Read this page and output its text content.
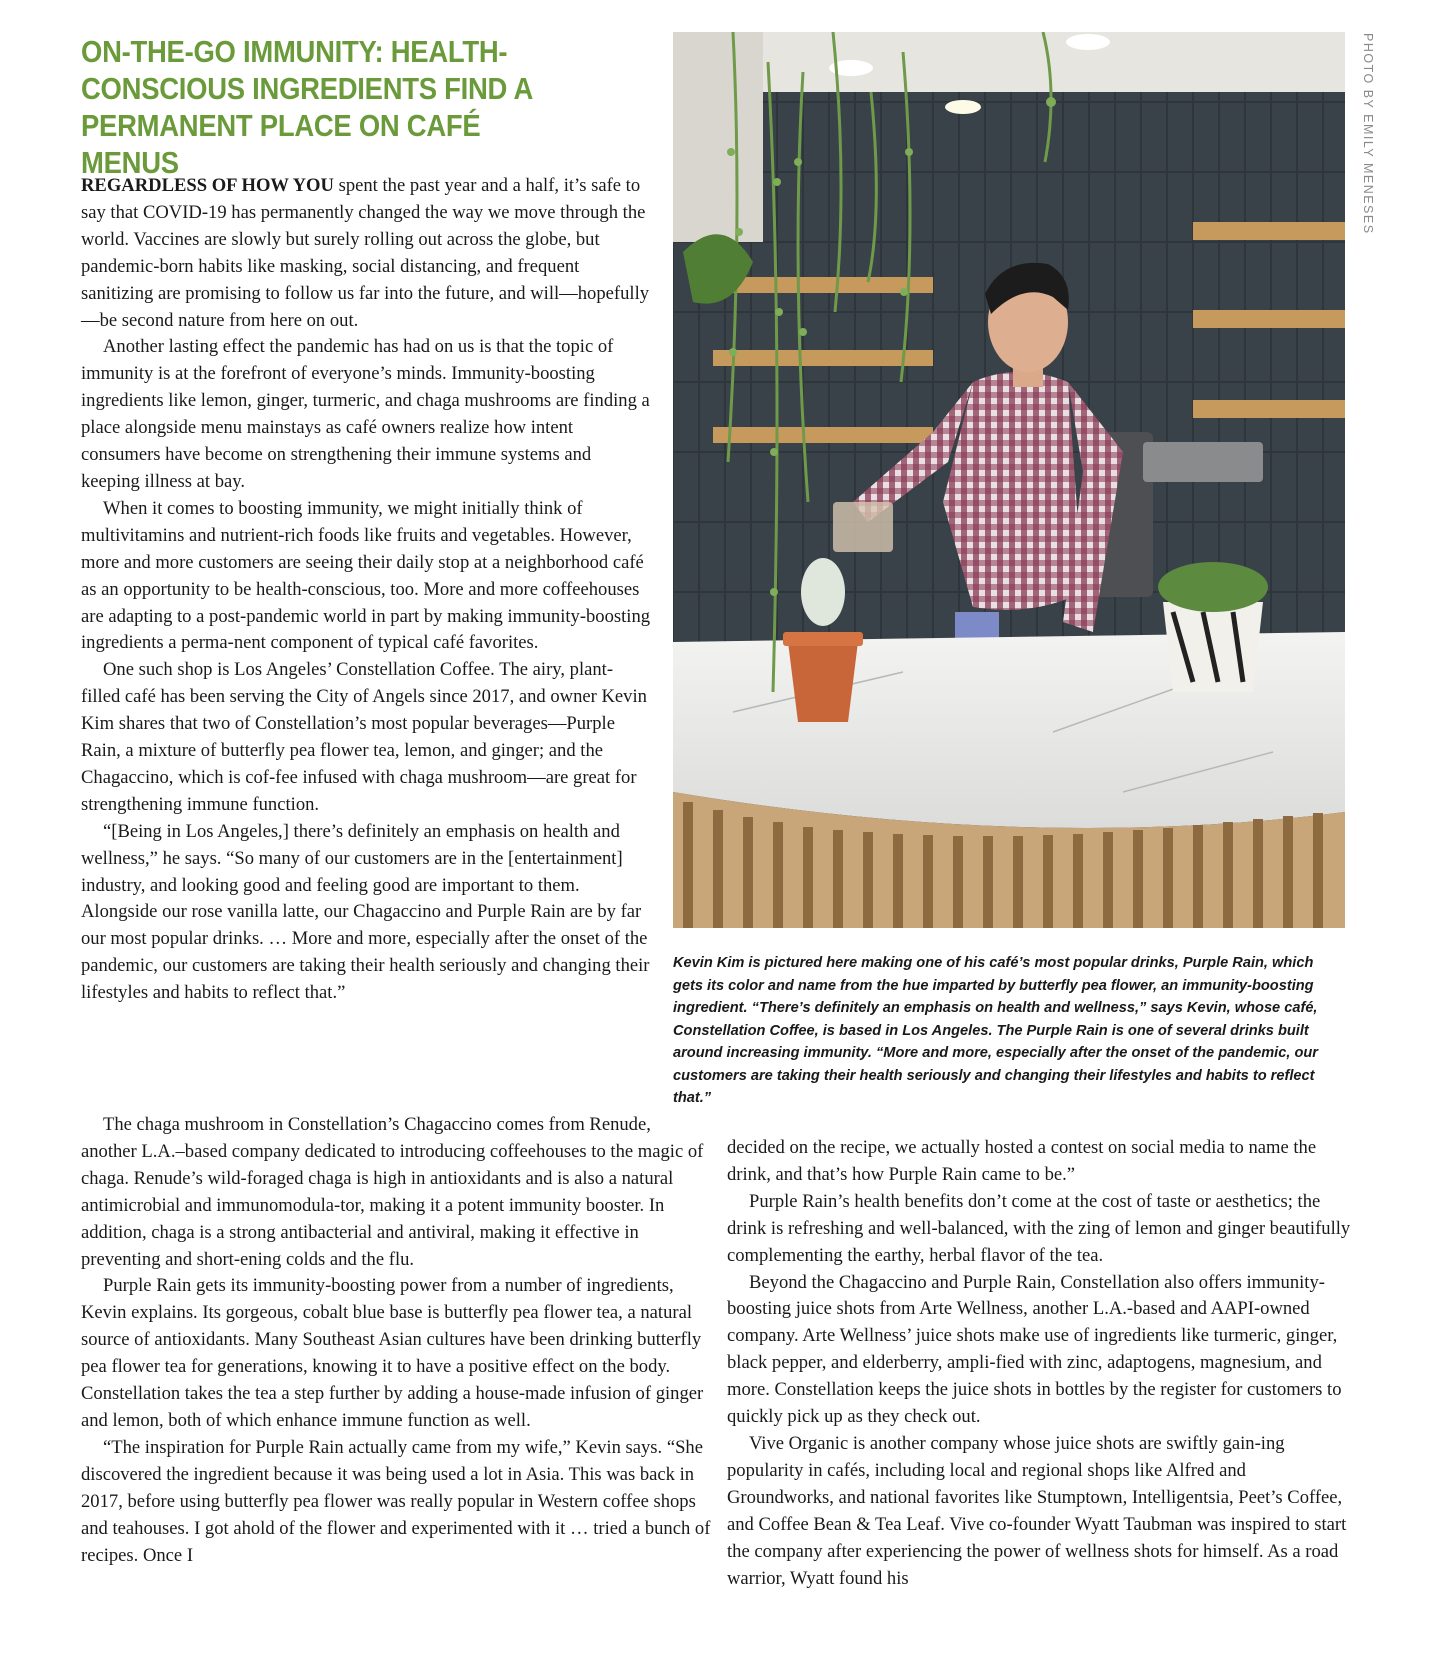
ON-THE-GO IMMUNITY: HEALTH-CONSCIOUS INGREDIENTS FIND A PERMANENT PLACE ON CAFÉ MENUS

REGARDLESS OF HOW YOU spent the past year and a half, it’s safe to say that COVID-19 has permanently changed the way we move through the world. Vaccines are slowly but surely rolling out across the globe, but pandemic-born habits like masking, social distancing, and frequent sanitizing are promising to follow us far into the future, and will—hopefully—be second nature from here on out.

Another lasting effect the pandemic has had on us is that the topic of immunity is at the forefront of everyone’s minds. Immunity-boosting ingredients like lemon, ginger, turmeric, and chaga mushrooms are finding a place alongside menu mainstays as café owners realize how intent consumers have become on strengthening their immune systems and keeping illness at bay.

When it comes to boosting immunity, we might initially think of multivitamins and nutrient-rich foods like fruits and vegetables. However, more and more customers are seeing their daily stop at a neighborhood café as an opportunity to be health-conscious, too. More and more coffeehouses are adapting to a post-pandemic world in part by making immunity-boosting ingredients a perma-nent component of typical café favorites.

One such shop is Los Angeles’ Constellation Coffee. The airy, plant-filled café has been serving the City of Angels since 2017, and owner Kevin Kim shares that two of Constellation’s most popular beverages—Purple Rain, a mixture of butterfly pea flower tea, lemon, and ginger; and the Chagaccino, which is cof-fee infused with chaga mushroom—are great for strengthening immune function.

“[Being in Los Angeles,] there’s definitely an emphasis on health and wellness,” he says. “So many of our customers are in the [entertainment] industry, and looking good and feeling good are important to them. Alongside our rose vanilla latte, our Chagaccino and Purple Rain are by far our most popular drinks. … More and more, especially after the onset of the pandemic, our customers are taking their health seriously and changing their lifestyles and habits to reflect that.”

The chaga mushroom in Constellation’s Chagaccino comes from Renude, another L.A.–based company dedicated to introducing coffeehouses to the magic of chaga. Renude’s wild-foraged chaga is high in antioxidants and is also a natural antimicrobial and immunomodula-tor, making it a potent immunity booster. In addition, chaga is a strong antibacterial and antiviral, making it effective in preventing and short-ening colds and the flu.

Purple Rain gets its immunity-boosting power from a number of ingredients, Kevin explains. Its gorgeous, cobalt blue base is butterfly pea flower tea, a natural source of antioxidants. Many Southeast Asian cultures have been drinking butterfly pea flower tea for generations, knowing it to have a positive effect on the body. Constellation takes the tea a step further by adding a house-made infusion of ginger and lemon, both of which enhance immune function as well.

“The inspiration for Purple Rain actually came from my wife,” Kevin says. “She discovered the ingredient because it was being used a lot in Asia. This was back in 2017, before using butterfly pea flower was really popular in Western coffee shops and teahouses. I got ahold of the flower and experimented with it … tried a bunch of recipes. Once I

PHOTO BY EMILY MENESES

Kevin Kim is pictured here making one of his café’s most popular drinks, Purple Rain, which gets its color and name from the hue imparted by butterfly pea flower, an immunity-boosting ingredient. “There’s definitely an emphasis on health and wellness,” says Kevin, whose café, Constellation Coffee, is based in Los Angeles. The Purple Rain is one of several drinks built around increasing immunity. “More and more, especially after the onset of the pandemic, our customers are taking their health seriously and changing their lifestyles and habits to reflect that.”

decided on the recipe, we actually hosted a contest on social media to name the drink, and that’s how Purple Rain came to be.”

Purple Rain’s health benefits don’t come at the cost of taste or aesthetics; the drink is refreshing and well-balanced, with the zing of lemon and ginger beautifully complementing the earthy, herbal flavor of the tea.

Beyond the Chagaccino and Purple Rain, Constellation also offers immunity-boosting juice shots from Arte Wellness, another L.A.-based and AAPI-owned company. Arte Wellness’ juice shots make use of ingredients like turmeric, ginger, black pepper, and elderberry, ampli-fied with zinc, adaptogens, magnesium, and more. Constellation keeps the juice shots in bottles by the register for customers to quickly pick up as they check out.

Vive Organic is another company whose juice shots are swiftly gain-ing popularity in cafés, including local and regional shops like Alfred and Groundworks, and national favorites like Stumptown, Intelligentsia, Peet’s Coffee, and Coffee Bean & Tea Leaf. Vive co-founder Wyatt Taubman was inspired to start the company after experiencing the power of wellness shots for himself. As a road warrior, Wyatt found his
